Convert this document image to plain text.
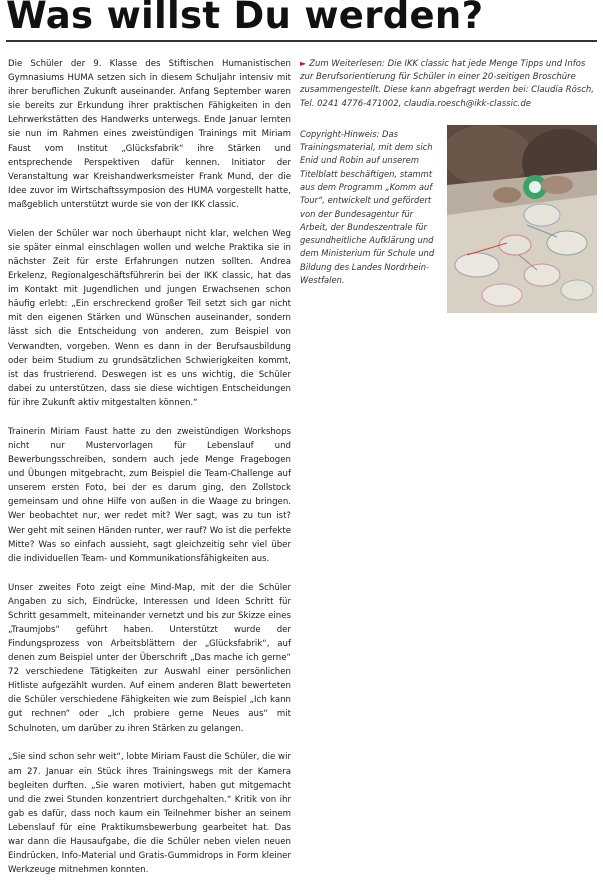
Was willst Du werden?

Die Schüler der 9. Klasse des Stiftischen Humanistischen Gymnasiums HUMA setzen sich in diesem Schuljahr intensiv mit ihrer beruflichen Zukunft auseinander. Anfang September waren sie bereits zur Erkundung ihrer praktischen Fähigkeiten in den Lehrwerkstätten des Handwerks unterwegs. Ende Januar lernten sie nun im Rahmen eines zweistündigen Trainings mit Miriam Faust vom Institut „Glücksfabrik“ ihre Stärken und entsprechende Perspektiven dafür kennen. Initiator der Veranstaltung war Kreishandwerksmeister Frank Mund, der die Idee zuvor im Wirtschaftssymposion des HUMA vorgestellt hatte, maßgeblich unterstützt wurde sie von der IKK classic.

Vielen der Schüler war noch überhaupt nicht klar, welchen Weg sie später einmal einschlagen wollen und welche Praktika sie in nächster Zeit für erste Erfahrungen nutzen sollten. Andrea Erkelenz, Regionalgeschäftsführerin bei der IKK classic, hat das im Kontakt mit Jugendlichen und jungen Erwachsenen schon häufig erlebt: „Ein erschreckend großer Teil setzt sich gar nicht mit den eigenen Stärken und Wünschen auseinander, sondern lässt sich die Entscheidung von anderen, zum Beispiel von Verwandten, vorgeben. Wenn es dann in der Berufsausbildung oder beim Studium zu grundsätzlichen Schwierigkeiten kommt, ist das frustrierend. Deswegen ist es uns wichtig, die Schüler dabei zu unterstützen, dass sie diese wichtigen Entscheidungen für ihre Zukunft aktiv mitgestalten können.“

Trainerin Miriam Faust hatte zu den zweistündigen Workshops nicht nur Mustervorlagen für Lebenslauf und Bewerbungsschreiben, sondern auch jede Menge Fragebogen und Übungen mitgebracht, zum Beispiel die Team-Challenge auf unserem ersten Foto, bei der es darum ging, den Zollstock gemeinsam und ohne Hilfe von außen in die Waage zu bringen. Wer beobachtet nur, wer redet mit? Wer sagt, was zu tun ist? Wer geht mit seinen Händen runter, wer rauf? Wo ist die perfekte Mitte? Was so einfach aussieht, sagt gleichzeitig sehr viel über die individuellen Team- und Kommunikationsfähigkeiten aus.

Unser zweites Foto zeigt eine Mind-Map, mit der die Schüler Angaben zu sich, Eindrücke, Interessen und Ideen Schritt für Schritt gesammelt, miteinander vernetzt und bis zur Skizze eines „Traumjobs“ geführt haben. Unterstützt wurde der Findungsprozess von Arbeitsblättern der „Glücksfabrik“, auf denen zum Beispiel unter der Überschrift „Das mache ich gerne“ 72 verschiedene Tätigkeiten zur Auswahl einer persönlichen Hitliste aufgezählt wurden. Auf einem anderen Blatt bewerteten die Schüler verschiedene Fähigkeiten wie zum Beispiel „Ich kann gut rechnen“ oder „Ich probiere gerne Neues aus“ mit Schulnoten, um darüber zu ihren Stärken zu gelangen.

„Sie sind schon sehr weit“, lobte Miriam Faust die Schüler, die wir am 27. Januar ein Stück ihres Trainingswegs mit der Kamera begleiten durften. „Sie waren motiviert, haben gut mitgemacht und die zwei Stunden konzentriert durchgehalten.“ Kritik von ihr gab es dafür, dass noch kaum ein Teilnehmer bisher an seinem Lebenslauf für eine Praktikumsbewerbung gearbeitet hat. Das war dann die Hausaufgabe, die die Schüler neben vielen neuen Eindrücken, Info-Material und Gratis-Gummidrops in Form kleiner Werkzeuge mitnehmen konnten.

► Zum Weiterlesen: Die IKK classic hat jede Menge Tipps und Infos zur Berufsorientierung für Schüler in einer 20-seitigen Broschüre zusammengestellt. Diese kann abgefragt werden bei: Claudia Rösch, Tel. 0241 4776-471002, claudia.roesch@ikk-classic.de

Copyright-Hinweis: Das Trainingsmaterial, mit dem sich Enid und Robin auf unserem Titelblatt beschäftigen, stammt aus dem Programm „Komm auf Tour“, entwickelt und gefördert von der Bundesagentur für Arbeit, der Bundeszentrale für gesundheitliche Aufklärung und dem Ministerium für Schule und Bildung des Landes Nordrhein-Westfalen.
